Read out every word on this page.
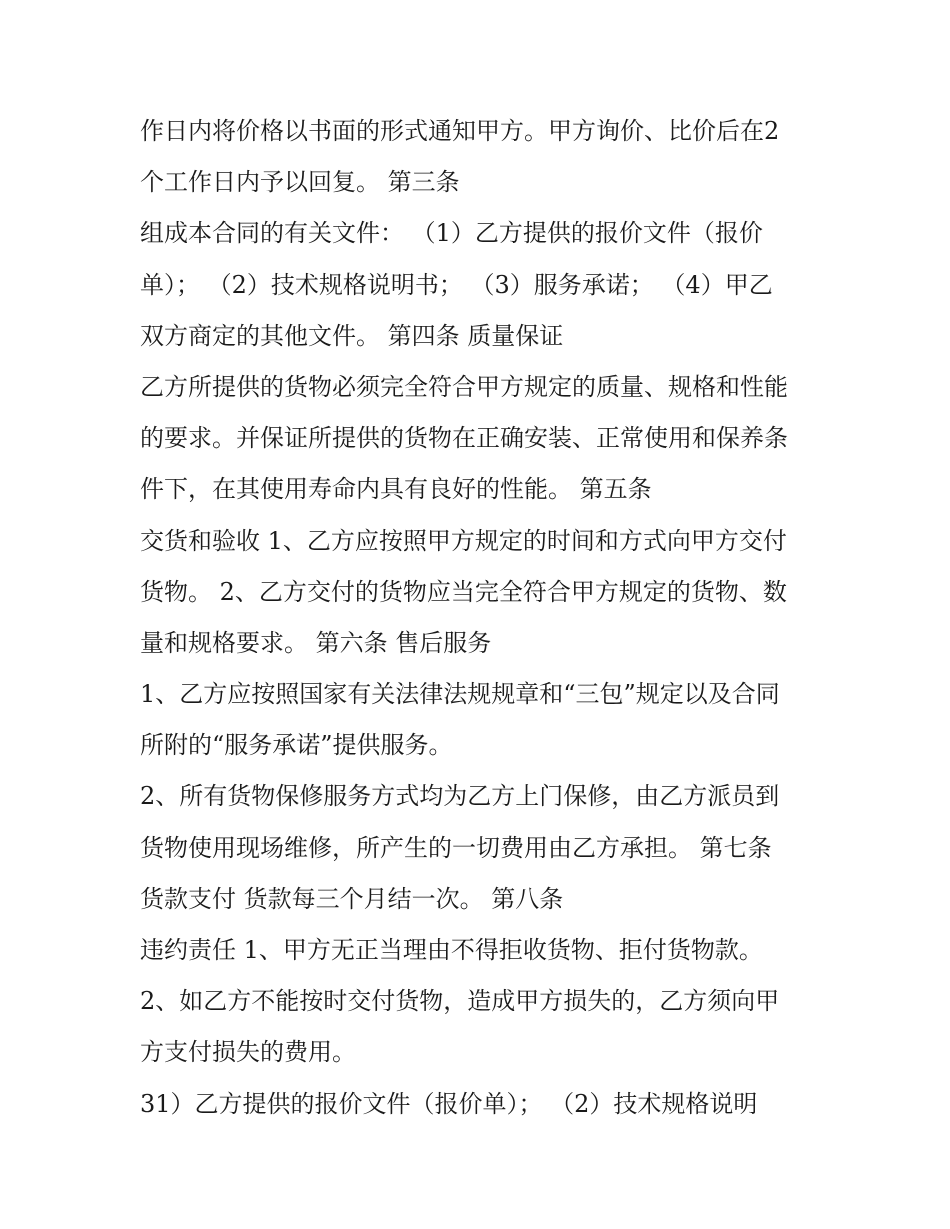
作日内将价格以书面的形式通知甲方。甲方询价、比价后在2
个工作日内予以回复。 第三条
组成本合同的有关文件： （1）乙方提供的报价文件（报价
单）； （2）技术规格说明书； （3）服务承诺； （4）甲乙
双方商定的其他文件。 第四条 质量保证
乙方所提供的货物必须完全符合甲方规定的质量、规格和性能
的要求。并保证所提供的货物在正确安装、正常使用和保养条
件下，在其使用寿命内具有良好的性能。 第五条
交货和验收 1、乙方应按照甲方规定的时间和方式向甲方交付
货物。 2、乙方交付的货物应当完全符合甲方规定的货物、数
量和规格要求。 第六条 售后服务
1、乙方应按照国家有关法律法规规章和“三包”规定以及合同
所附的“服务承诺”提供服务。
2、所有货物保修服务方式均为乙方上门保修，由乙方派员到
货物使用现场维修，所产生的一切费用由乙方承担。 第七条
货款支付 货款每三个月结一次。 第八条
违约责任 1、甲方无正当理由不得拒收货物、拒付货物款。
2、如乙方不能按时交付货物，造成甲方损失的，乙方须向甲
方支付损失的费用。
31）乙方提供的报价文件（报价单）； （2）技术规格说明
